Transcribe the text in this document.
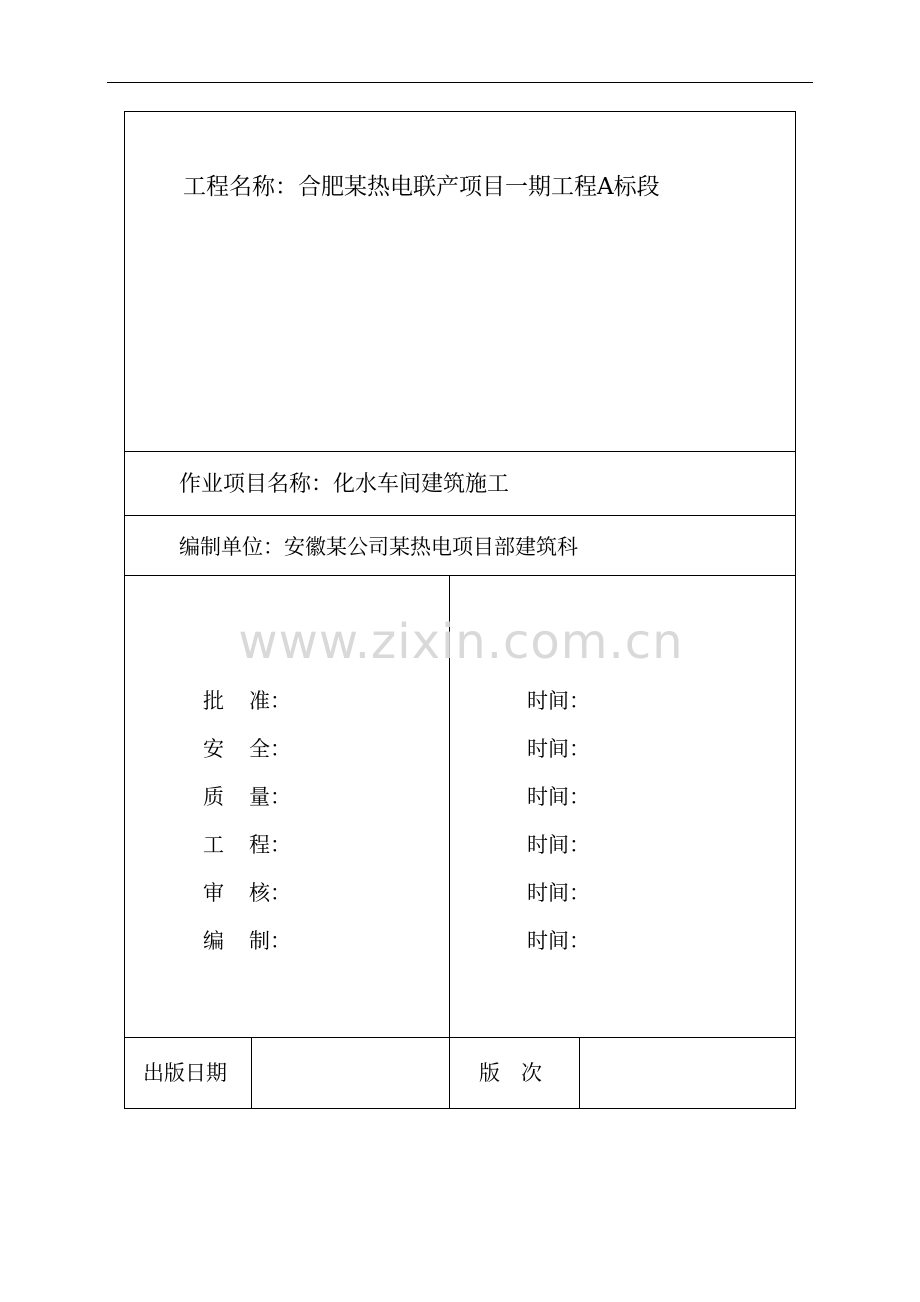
工程名称：合肥某热电联产项目一期工程A标段
作业项目名称：化水车间建筑施工
编制单位：安徽某公司某热电项目部建筑科
www.zixin.com.cn
批 准：
安 全：
质 量：
工 程：
审 核：
编 制：
时间：
时间：
时间：
时间：
时间：
时间：
出版日期	版　次
